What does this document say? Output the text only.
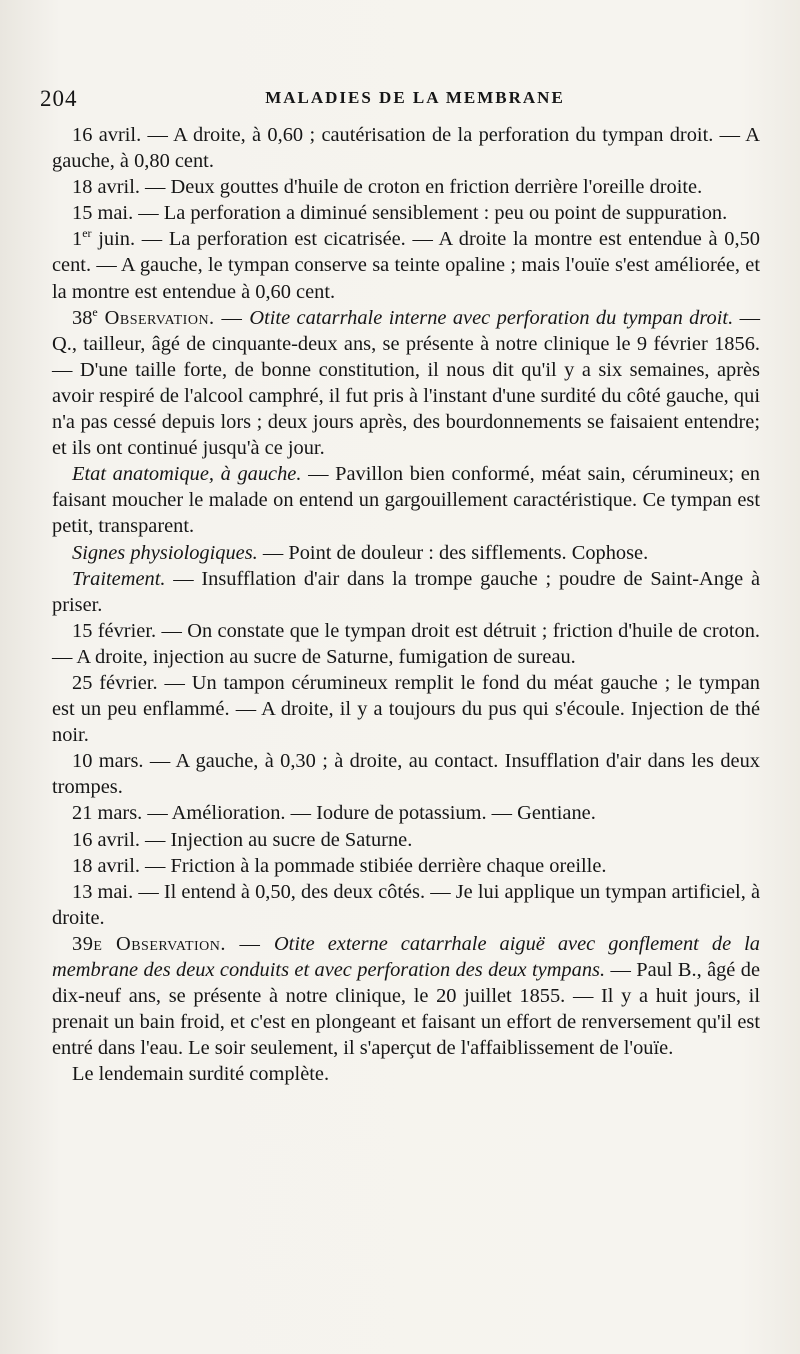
204	MALADIES DE LA MEMBRANE

16 avril. — A droite, à 0,60 ; cautérisation de la perforation du tympan droit. — A gauche, à 0,80 cent.

18 avril. — Deux gouttes d'huile de croton en friction derrière l'oreille droite.

15 mai. — La perforation a diminué sensiblement : peu ou point de suppuration.

1er juin. — La perforation est cicatrisée. — A droite la montre est entendue à 0,50 cent. — A gauche, le tympan conserve sa teinte opaline ; mais l'ouïe s'est améliorée, et la montre est entendue à 0,60 cent.

38e Observation. — Otite catarrhale interne avec perforation du tympan droit. — Q., tailleur, âgé de cinquante-deux ans, se présente à notre clinique le 9 février 1856. — D'une taille forte, de bonne constitution, il nous dit qu'il y a six semaines, après avoir respiré de l'alcool camphré, il fut pris à l'instant d'une surdité du côté gauche, qui n'a pas cessé depuis lors ; deux jours après, des bourdonnements se faisaient entendre; et ils ont continué jusqu'à ce jour.

Etat anatomique, à gauche. — Pavillon bien conformé, méat sain, cérumineux; en faisant moucher le malade on entend un gargouillement caractéristique. Ce tympan est petit, transparent.

Signes physiologiques. — Point de douleur : des sifflements. Cophose.

Traitement. — Insufflation d'air dans la trompe gauche ; poudre de Saint-Ange à priser.

15 février. — On constate que le tympan droit est détruit ; friction d'huile de croton. — A droite, injection au sucre de Saturne, fumigation de sureau.

25 février. — Un tampon cérumineux remplit le fond du méat gauche ; le tympan est un peu enflammé. — A droite, il y a toujours du pus qui s'écoule. Injection de thé noir.

10 mars. — A gauche, à 0,30 ; à droite, au contact. Insufflation d'air dans les deux trompes.

21 mars. — Amélioration. — Iodure de potassium. — Gentiane.

16 avril. — Injection au sucre de Saturne.

18 avril. — Friction à la pommade stibiée derrière chaque oreille.

13 mai. — Il entend à 0,50, des deux côtés. — Je lui applique un tympan artificiel, à droite.

39e Observation. — Otite externe catarrhale aiguë avec gonflement de la membrane des deux conduits et avec perforation des deux tympans. — Paul B., âgé de dix-neuf ans, se présente à notre clinique, le 20 juillet 1855. — Il y a huit jours, il prenait un bain froid, et c'est en plongeant et faisant un effort de renversement qu'il est entré dans l'eau. Le soir seulement, il s'aperçut de l'affaiblissement de l'ouïe.

Le lendemain surdité complète.
